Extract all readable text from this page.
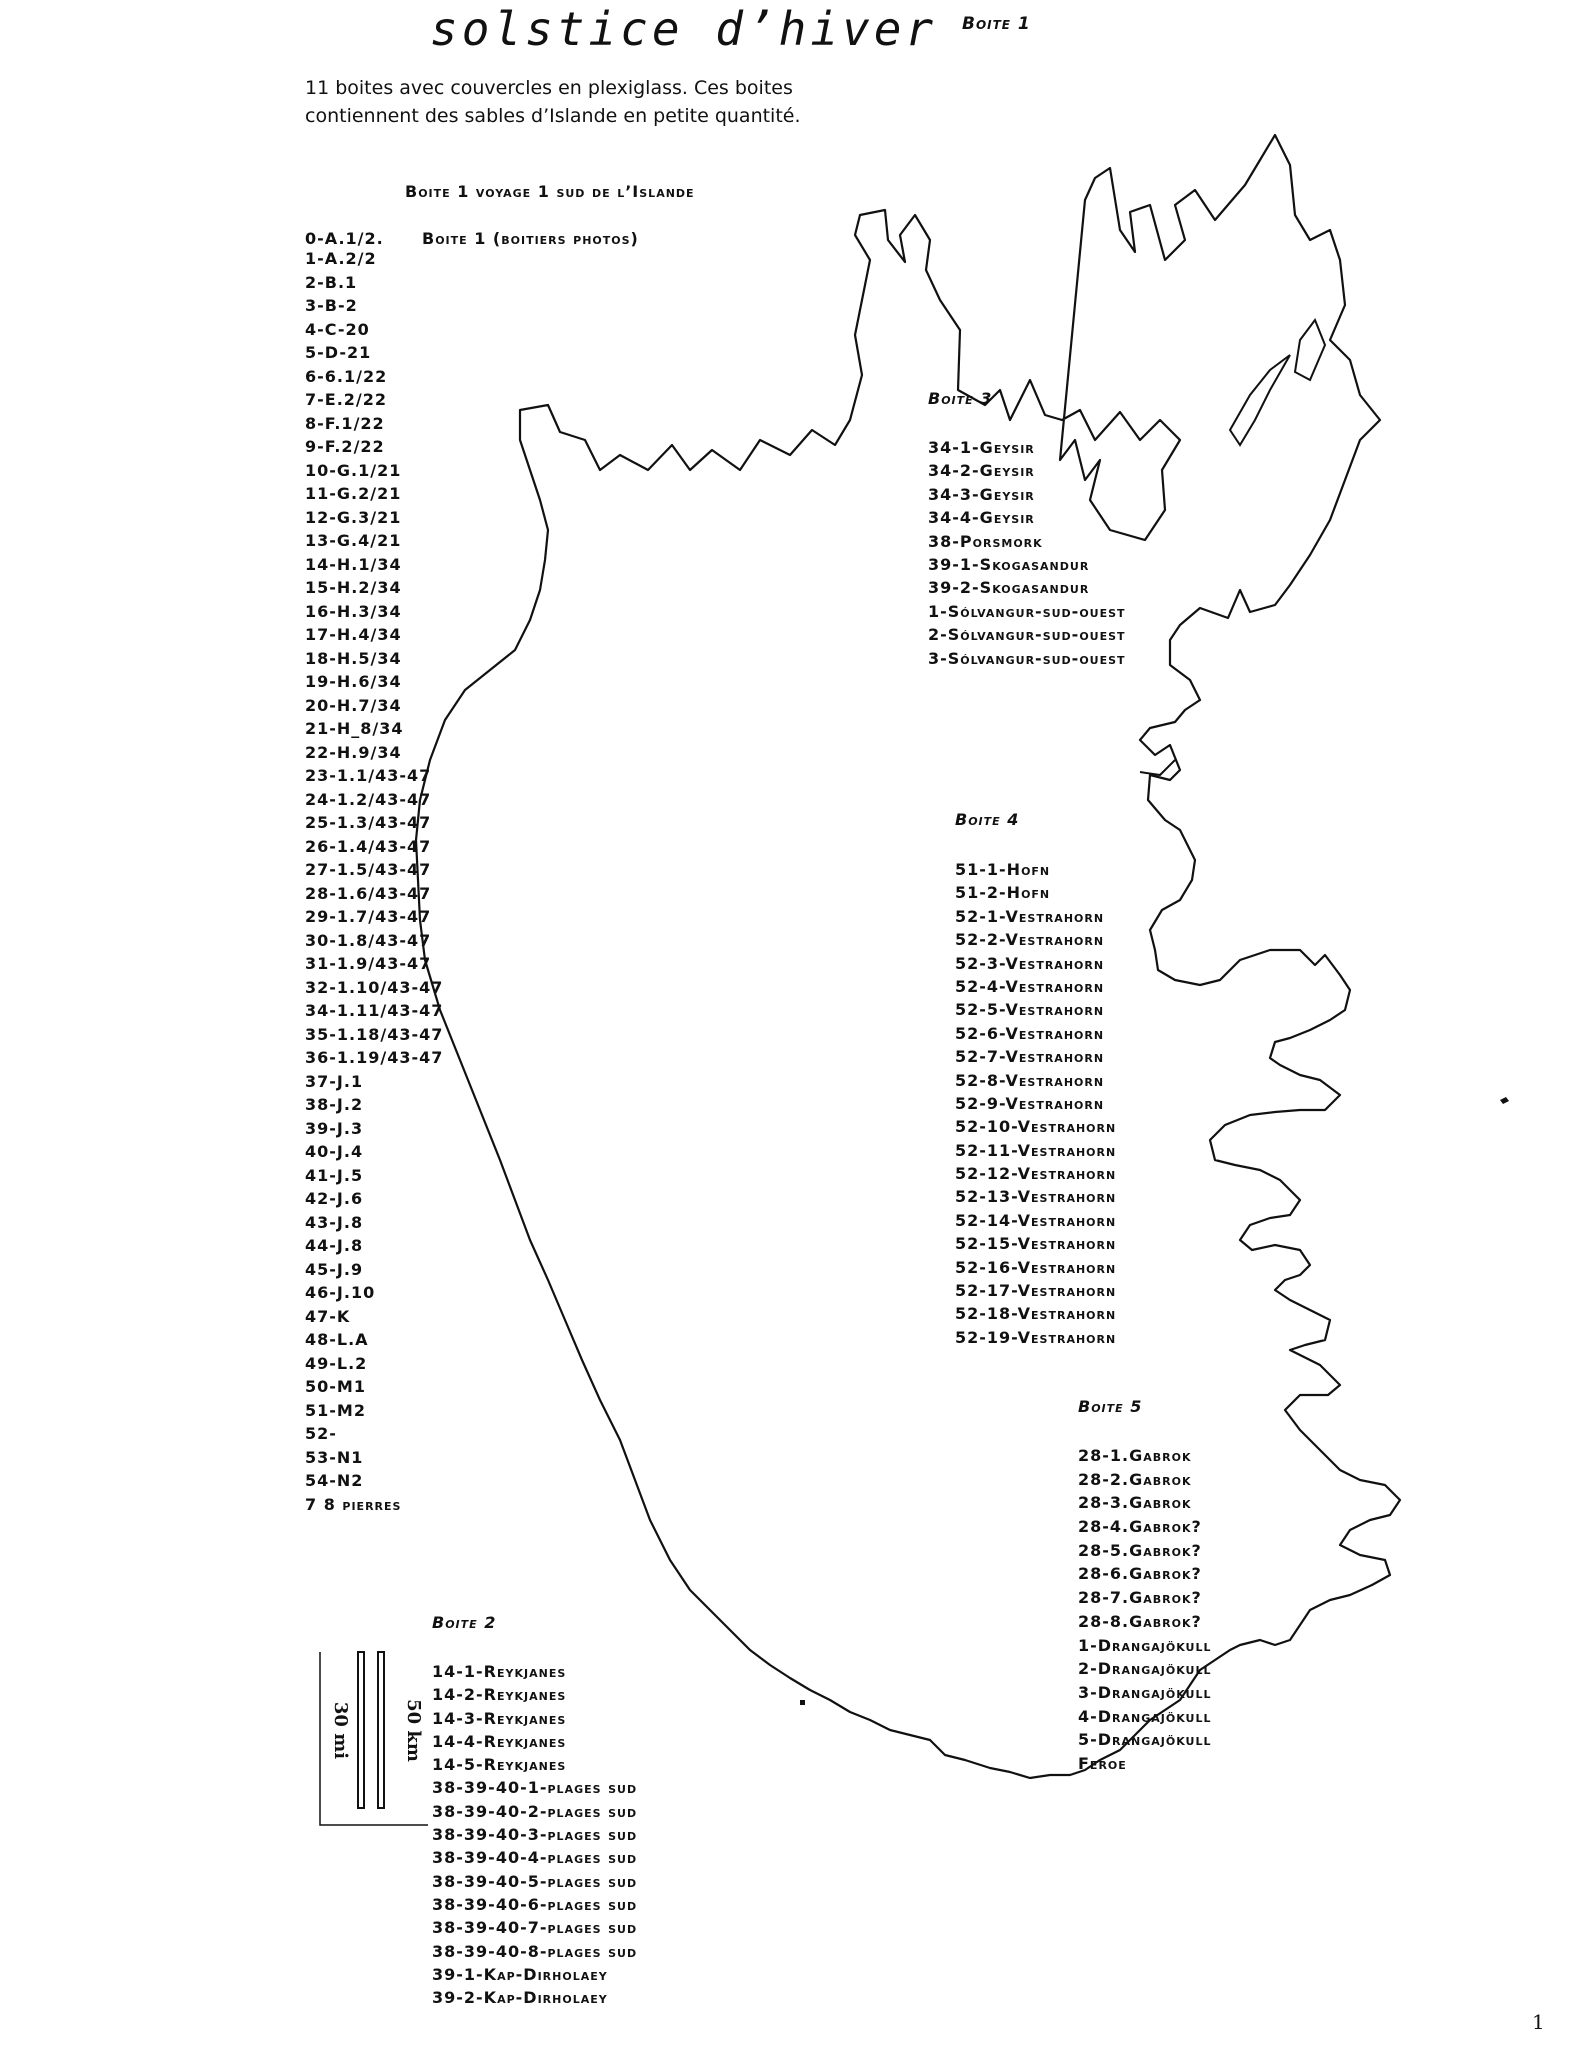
solstice d’hiver Boite 1
11 boites avec couvercles en plexiglass. Ces boites
contiennent des sables d’Islande en petite quantité.
Boite 1 voyage 1 sud de l’Islande
0-A.1/2. Boite 1 (boitiers photos)
1-A.2/2
2-B.1
3-B-2
4-C-20
5-D-21
6-6.1/22
7-E.2/22
8-F.1/22
9-F.2/22
10-G.1/21
11-G.2/21
12-G.3/21
13-G.4/21
14-H.1/34
15-H.2/34
16-H.3/34
17-H.4/34
18-H.5/34
19-H.6/34
20-H.7/34
21-H_8/34
22-H.9/34
23-1.1/43-47
24-1.2/43-47
25-1.3/43-47
26-1.4/43-47
27-1.5/43-47
28-1.6/43-47
29-1.7/43-47
30-1.8/43-47
31-1.9/43-47
32-1.10/43-47
34-1.11/43-47
35-1.18/43-47
36-1.19/43-47
37-J.1
38-J.2
39-J.3
40-J.4
41-J.5
42-J.6
43-J.8
44-J.8
45-J.9
46-J.10
47-K
48-L.A
49-L.2
50-M1
51-M2
52-
53-N1
54-N2
7 8 pierres
Boite 3
34-1-Geysir
34-2-Geysir
34-3-Geysir
34-4-Geysir
38-Porsmork
39-1-Skogasandur
39-2-Skogasandur
1-Sólvangur-sud-ouest
2-Sólvangur-sud-ouest
3-Sólvangur-sud-ouest
Boite 4
51-1-Hofn
51-2-Hofn
52-1-Vestrahorn
52-2-Vestrahorn
52-3-Vestrahorn
52-4-Vestrahorn
52-5-Vestrahorn
52-6-Vestrahorn
52-7-Vestrahorn
52-8-Vestrahorn
52-9-Vestrahorn
52-10-Vestrahorn
52-11-Vestrahorn
52-12-Vestrahorn
52-13-Vestrahorn
52-14-Vestrahorn
52-15-Vestrahorn
52-16-Vestrahorn
52-17-Vestrahorn
52-18-Vestrahorn
52-19-Vestrahorn
Boite 5
28-1.Gabrok
28-2.Gabrok
28-3.Gabrok
28-4.Gabrok?
28-5.Gabrok?
28-6.Gabrok?
28-7.Gabrok?
28-8.Gabrok?
1-Drangajökull
2-Drangajökull
3-Drangajökull
4-Drangajökull
5-Drangajökull
Feroe
Boite 2
14-1-Reykjanes
14-2-Reykjanes
14-3-Reykjanes
14-4-Reykjanes
14-5-Reykjanes
38-39-40-1-plages sud
38-39-40-2-plages sud
38-39-40-3-plages sud
38-39-40-4-plages sud
38-39-40-5-plages sud
38-39-40-6-plages sud
38-39-40-7-plages sud
38-39-40-8-plages sud
39-1-Kap-Dirholaey
39-2-Kap-Dirholaey
30 mi	50 km
1
